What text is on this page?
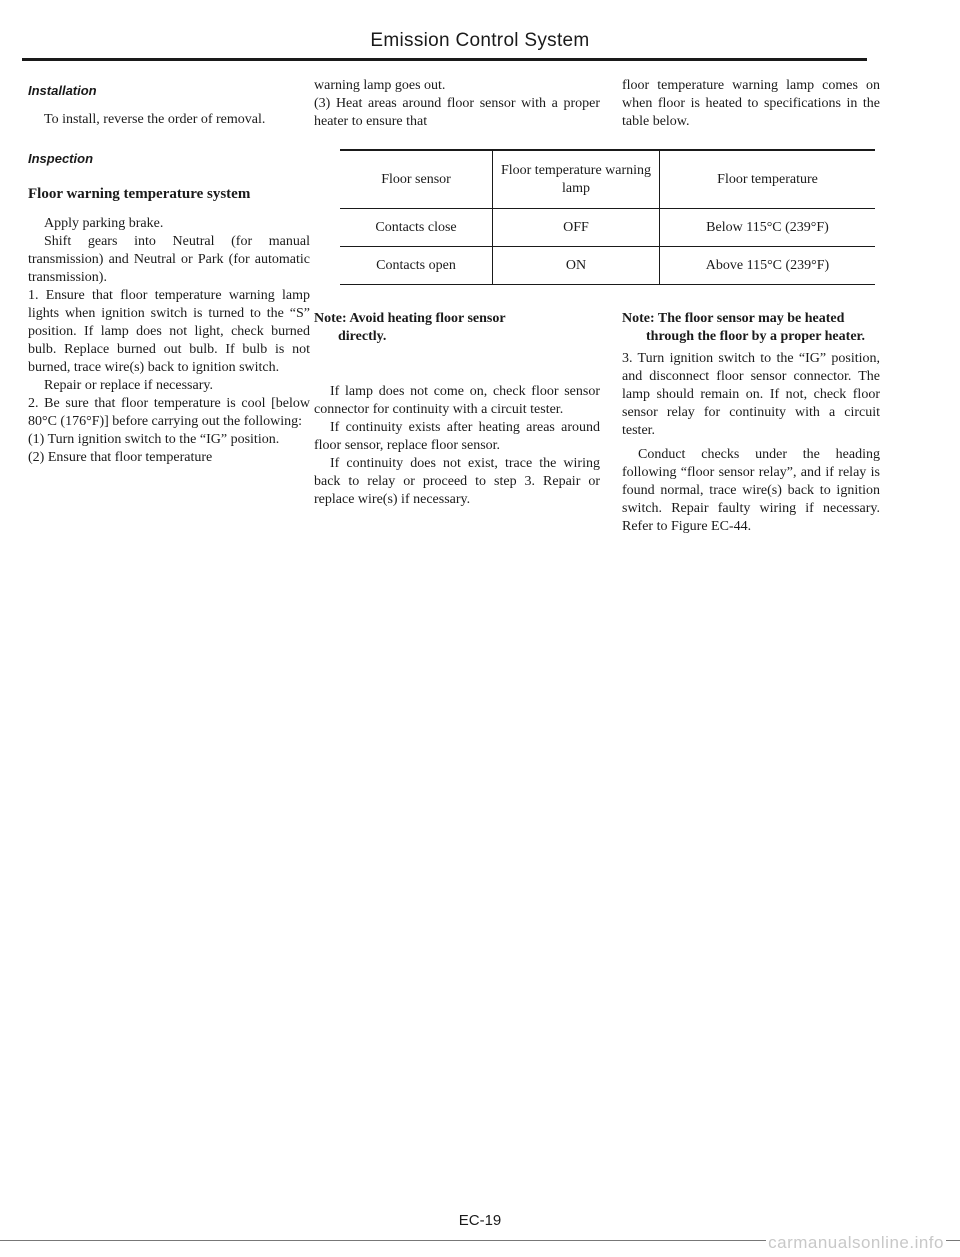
Emission Control System

Installation

To install, reverse the order of removal.

Inspection

Floor warning temperature system

Apply parking brake.

Shift gears into Neutral (for manual transmission) and Neutral or Park (for automatic transmission).

1. Ensure that floor temperature warning lamp lights when ignition switch is turned to the “S” position. If lamp does not light, check burned bulb. Replace burned out bulb. If bulb is not burned, trace wire(s) back to ignition switch.

Repair or replace if necessary.

2. Be sure that floor temperature is cool [below 80°C (176°F)] before carrying out the following:

(1) Turn ignition switch to the “IG” position.

(2) Ensure that floor temperature

warning lamp goes out.

(3) Heat areas around floor sensor with a proper heater to ensure that

Note: Avoid heating floor sensor
directly.

If lamp does not come on, check floor sensor connector for continuity with a circuit tester.

If continuity exists after heating areas around floor sensor, replace floor sensor.

If continuity does not exist, trace the wiring back to relay or proceed to step 3. Repair or replace wire(s) if necessary.

floor temperature warning lamp comes on when floor is heated to specifications in the table below.

Note: The floor sensor may be heated
through the floor by a proper heater.

3. Turn ignition switch to the “IG” position, and disconnect floor sensor connector. The lamp should remain on. If not, check floor sensor relay for continuity with a circuit tester.

Conduct checks under the heading following “floor sensor relay”, and if relay is found normal, trace wire(s) back to ignition switch. Repair faulty wiring if necessary. Refer to Figure EC-44.

Floor sensor	Floor temperature warning lamp	Floor temperature
Contacts close	OFF	Below 115°C (239°F)
Contacts open	ON	Above 115°C (239°F)
EC-19
carmanualsonline.info
